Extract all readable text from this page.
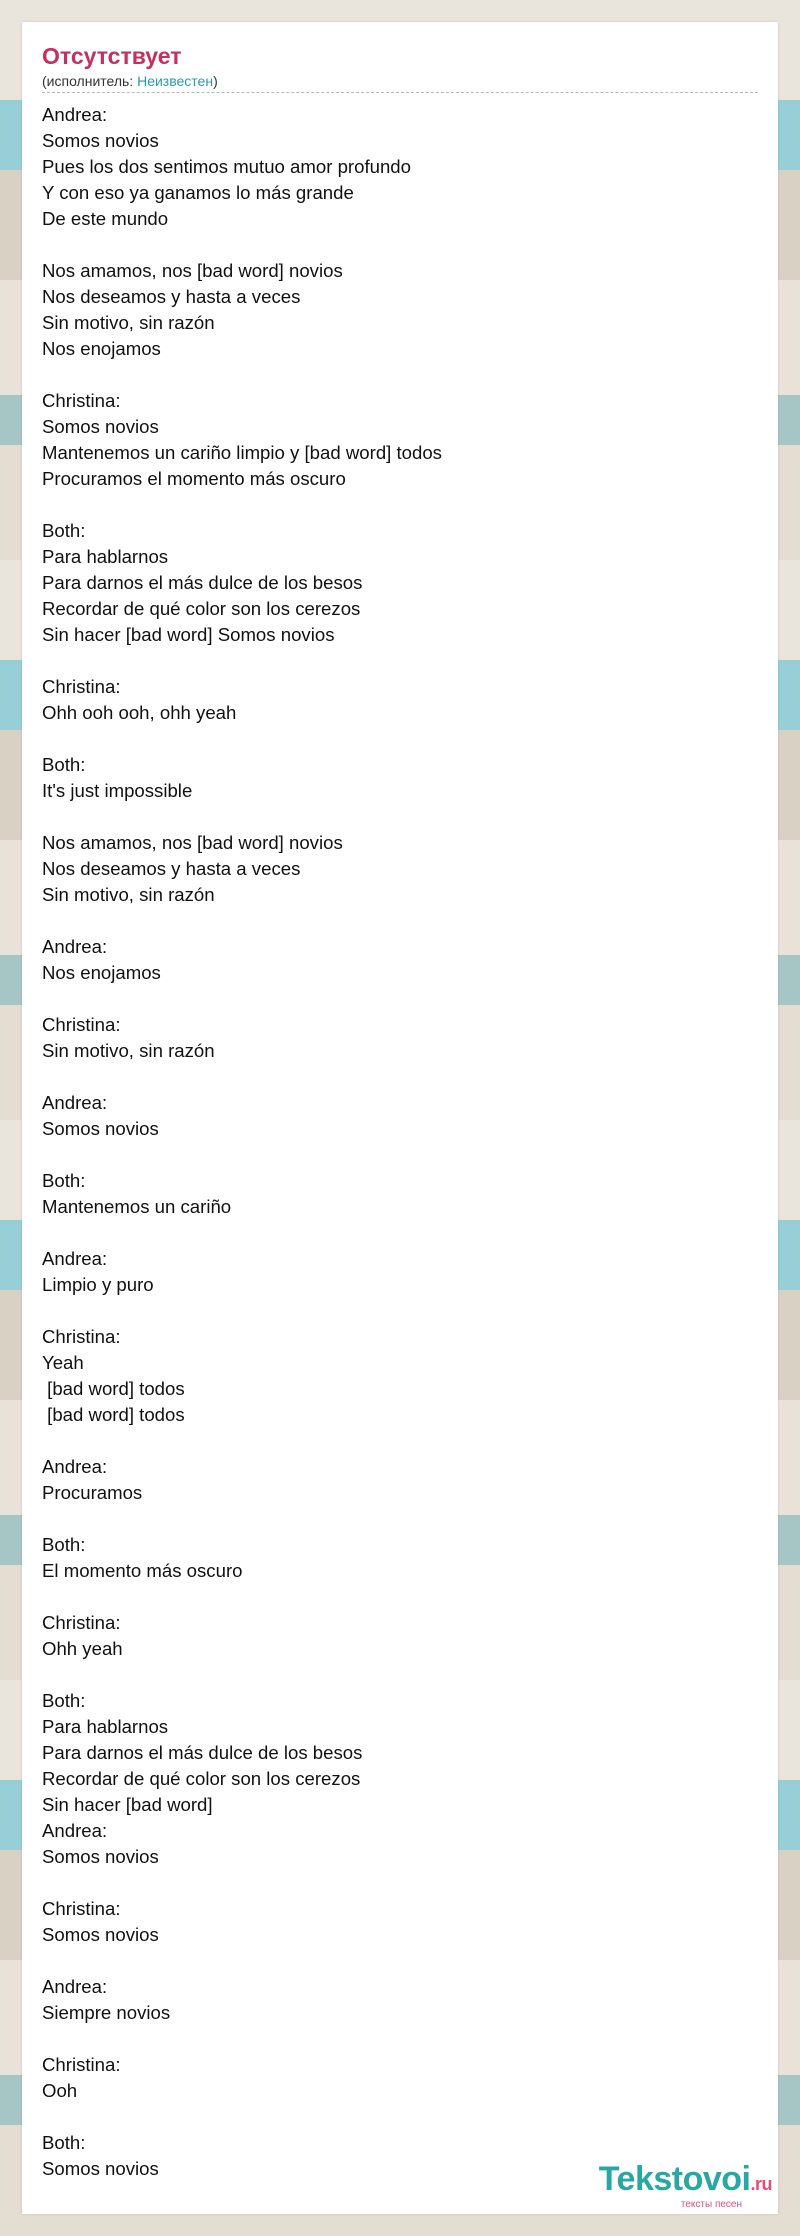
Отсутствует

(исполнитель: Неизвестен)

Andrea:
Somos novios
Pues los dos sentimos mutuo amor profundo
Y con eso ya ganamos lo más grande
De este mundo

Nos amamos, nos [bad word] novios
Nos deseamos y hasta a veces
Sin motivo, sin razón
Nos enojamos

Christina:
Somos novios
Mantenemos un cariño limpio y [bad word] todos
Procuramos el momento más oscuro

Both:
Para hablarnos
Para darnos el más dulce de los besos
Recordar de qué color son los cerezos
Sin hacer [bad word] Somos novios

Christina:
Ohh ooh ooh, ohh yeah

Both:
It's just impossible

Nos amamos, nos [bad word] novios
Nos deseamos y hasta a veces
Sin motivo, sin razón

Andrea:
Nos enojamos

Christina:
Sin motivo, sin razón

Andrea:
Somos novios

Both:
Mantenemos un cariño

Andrea:
Limpio y puro

Christina:
Yeah
[bad word] todos
[bad word] todos

Andrea:
Procuramos

Both:
El momento más oscuro

Christina:
Ohh yeah

Both:
Para hablarnos
Para darnos el más dulce de los besos
Recordar de qué color son los cerezos
Sin hacer [bad word]
Andrea:
Somos novios

Christina:
Somos novios

Andrea:
Siempre novios

Christina:
Ooh

Both:
Somos novios	Tekstovoi.ru
тексты песен
